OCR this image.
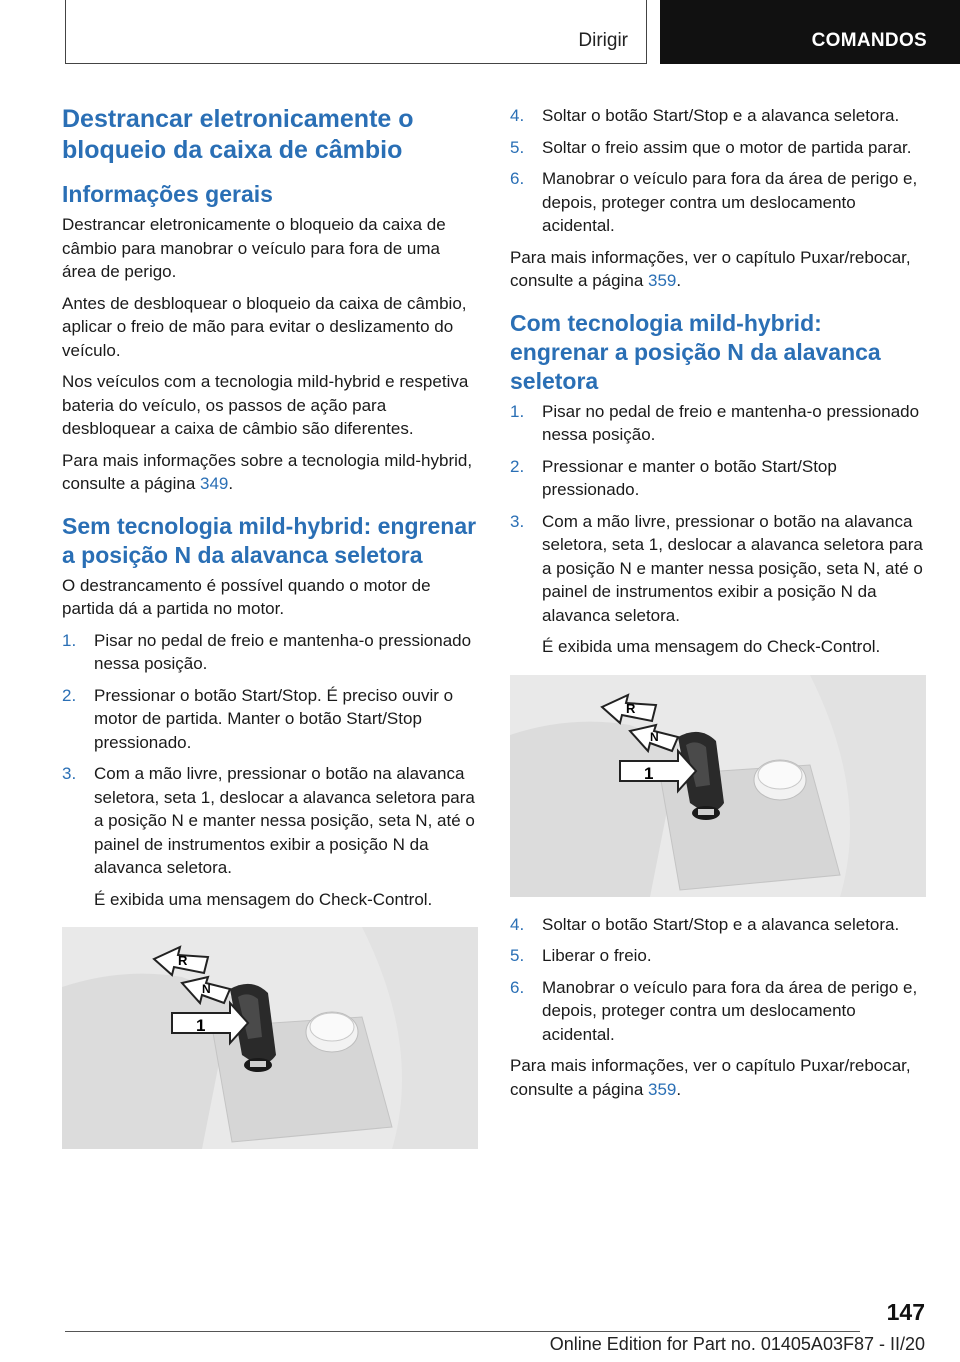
Dirigir	COMANDOS
Destrancar eletronicamente o bloqueio da caixa de câmbio
Informações gerais

Destrancar eletronicamente o bloqueio da caixa de câmbio para manobrar o veículo para fora de uma área de perigo.

Antes de desbloquear o bloqueio da caixa de câmbio, aplicar o freio de mão para evitar o deslizamento do veículo.

Nos veículos com a tecnologia mild-hybrid e respetiva bateria do veículo, os passos de ação para desbloquear a caixa de câmbio são diferentes.

Para mais informações sobre a tecnologia mild-hybrid, consulte a página 349.

Sem tecnologia mild-hybrid: engrenar a posição N da alavanca seletora

O destrancamento é possível quando o motor de partida dá a partida no motor.

1. Pisar no pedal de freio e mantenha-o pressionado nessa posição.
2. Pressionar o botão Start/Stop. É preciso ouvir o motor de partida. Manter o botão Start/Stop pressionado.
3. Com a mão livre, pressionar o botão na alavanca seletora, seta 1, deslocar a alavanca seletora para a posição N e manter nessa posição, seta N, até o painel de instrumentos exibir a posição N da alavanca seletora.

É exibida uma mensagem do Check-Control.

R
N
1
4. Soltar o botão Start/Stop e a alavanca seletora.
5. Soltar o freio assim que o motor de partida parar.
6. Manobrar o veículo para fora da área de perigo e, depois, proteger contra um deslocamento acidental.

Para mais informações, ver o capítulo Puxar/rebocar, consulte a página 359.

Com tecnologia mild-hybrid: engrenar a posição N da alavanca seletora
1. Pisar no pedal de freio e mantenha-o pressionado nessa posição.
2. Pressionar e manter o botão Start/Stop pressionado.
3. Com a mão livre, pressionar o botão na alavanca seletora, seta 1, deslocar a alavanca seletora para a posição N e manter nessa posição, seta N, até o painel de instrumentos exibir a posição N da alavanca seletora.

É exibida uma mensagem do Check-Control.

R
N
1
4. Soltar o botão Start/Stop e a alavanca seletora.
5. Liberar o freio.
6. Manobrar o veículo para fora da área de perigo e, depois, proteger contra um deslocamento acidental.

Para mais informações, ver o capítulo Puxar/rebocar, consulte a página 359.

147
Online Edition for Part no. 01405A03F87 - II/20
